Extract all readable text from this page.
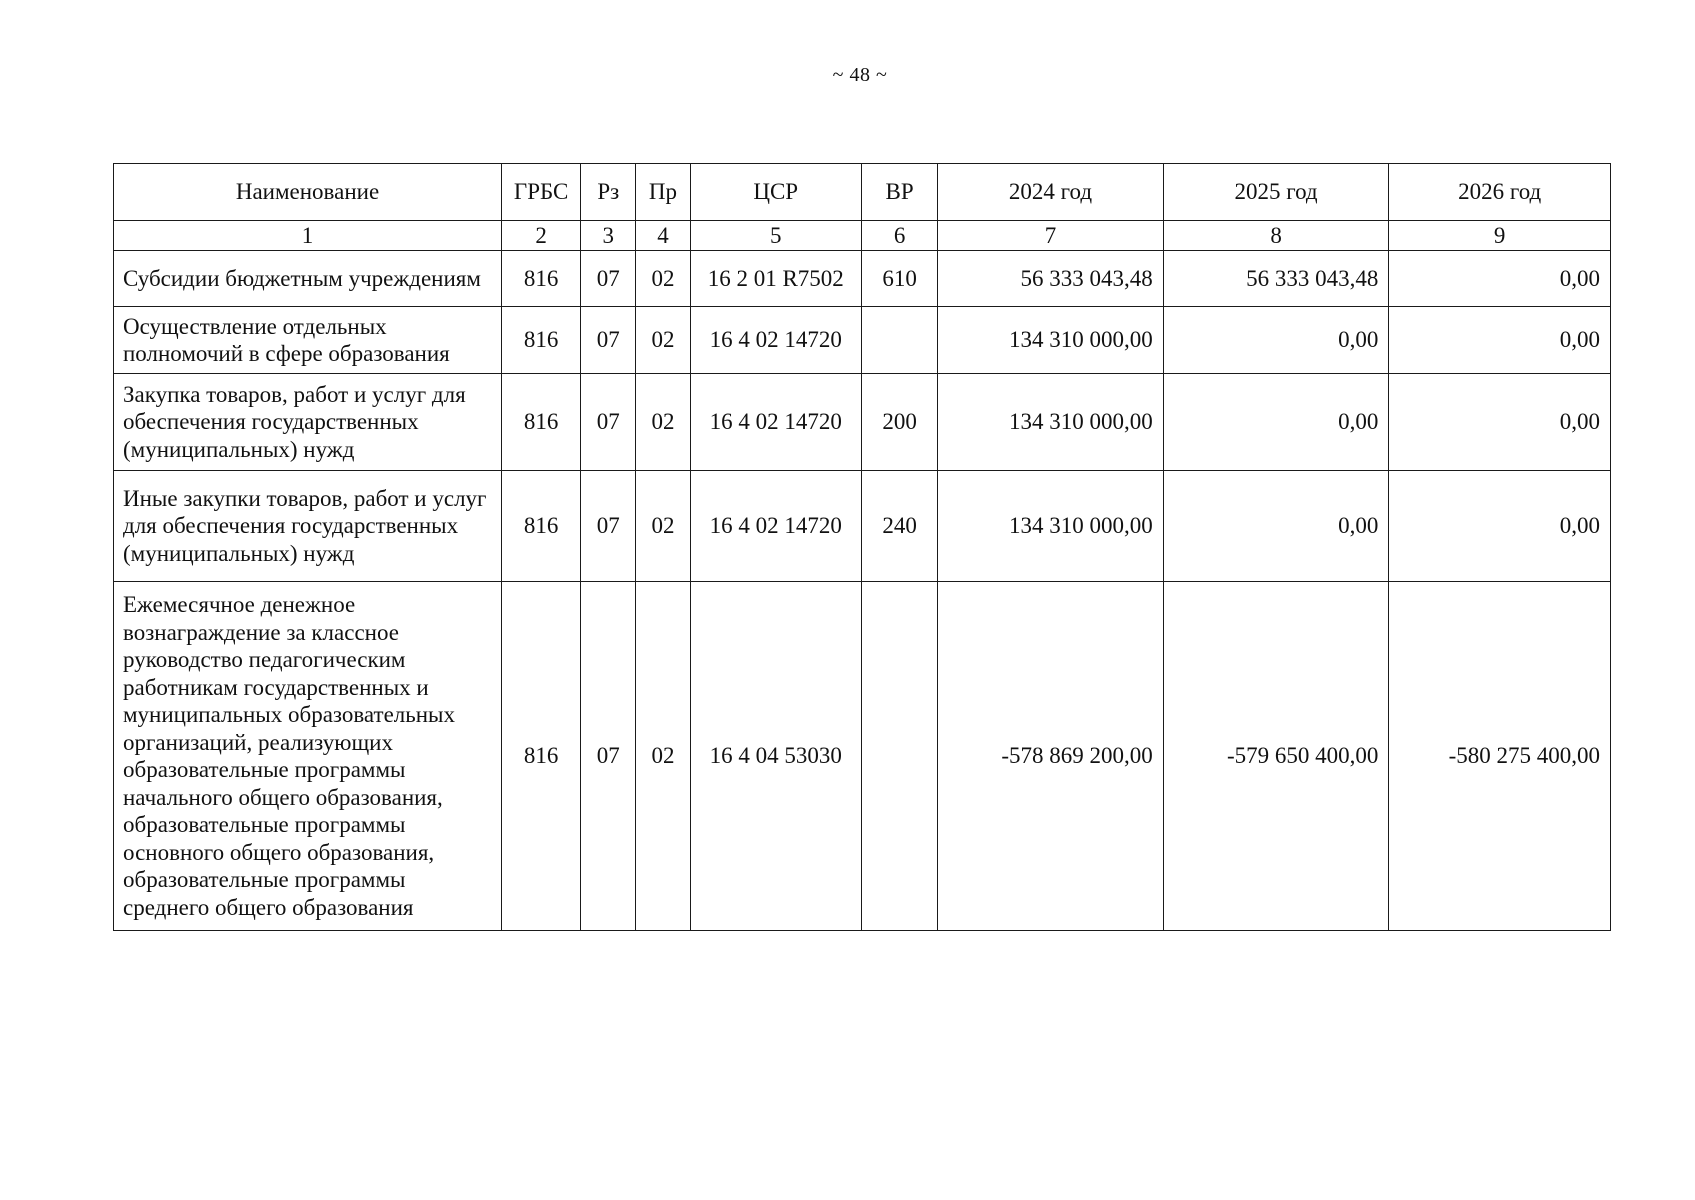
~ 48 ~
Наименование	ГРБС	Рз	Пр	ЦСР	ВР	2024 год	2025 год	2026 год
1	2	3	4	5	6	7	8	9
Субсидии бюджетным учреждениям	816	07	02	16 2 01 R7502	610	56 333 043,48	56 333 043,48	0,00
Осуществление отдельных полномочий в сфере образования	816	07	02	16 4 02 14720		134 310 000,00	0,00	0,00
Закупка товаров, работ и услуг для обеспечения государственных (муниципальных) нужд	816	07	02	16 4 02 14720	200	134 310 000,00	0,00	0,00
Иные закупки товаров, работ и услуг для обеспечения государственных (муниципальных) нужд	816	07	02	16 4 02 14720	240	134 310 000,00	0,00	0,00
Ежемесячное денежное вознаграждение за классное руководство педагогическим работникам государственных и муниципальных образовательных организаций, реализующих образовательные программы начального общего образования, образовательные программы основного общего образования, образовательные программы среднего общего образования	816	07	02	16 4 04 53030		-578 869 200,00	-579 650 400,00	-580 275 400,00
